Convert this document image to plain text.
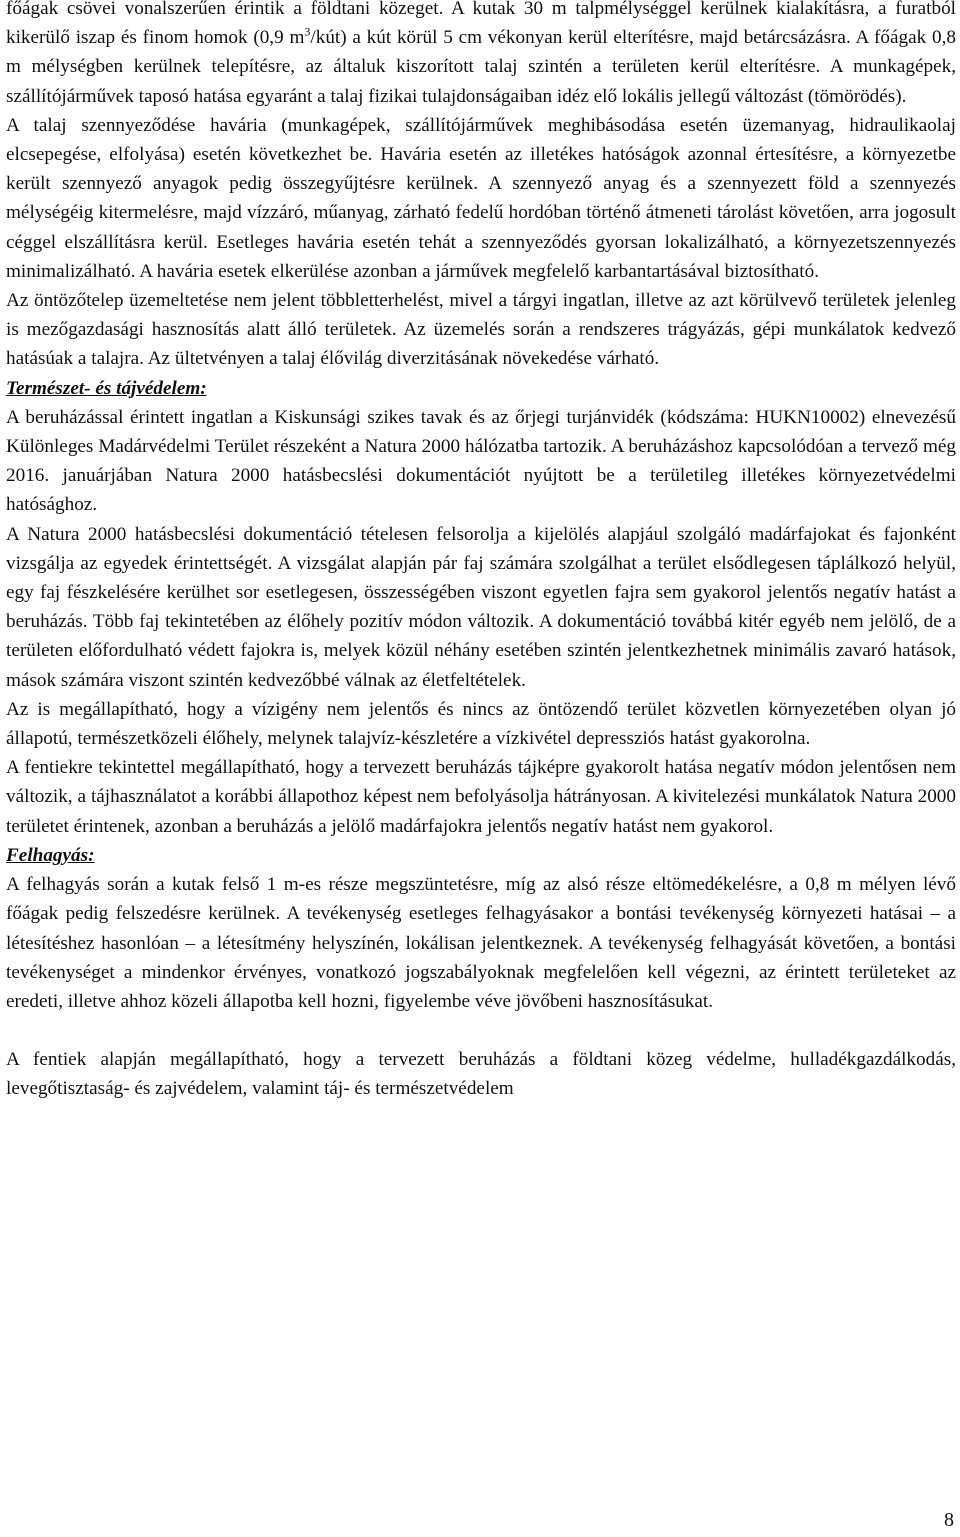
főágak csövei vonalszerűen érintik a földtani közeget. A kutak 30 m talpmélységgel kerülnek kialakításra, a furatból kikerülő iszap és finom homok (0,9 $m^3/kút$) a kút körül 5 cm vékonyan kerül elterítésre, majd betárcsázásra. A főágak 0,8 m mélységben kerülnek telepítésre, az általuk kiszorított talaj szintén a területen kerül elterítésre. A munkagépek, szállítójárművek taposó hatása egyaránt a talaj fizikai tulajdonságaiban idéz elő lokális jellegű változást (tömörödés).

A talaj szennyeződése havária (munkagépek, szállítójárművek meghibásodása esetén üzemanyag, hidraulikaolaj elcsepegése, elfolyása) esetén következhet be. Havária esetén az illetékes hatóságok azonnal értesítésre, a környezetbe került szennyező anyagok pedig összegyűjtésre kerülnek. A szennyező anyag és a szennyezett föld a szennyezés mélységéig kitermelésre, majd vízzáró, műanyag, zárható fedelű hordóban történő átmeneti tárolást követően, arra jogosult céggel elszállításra kerül. Esetleges havária esetén tehát a szennyeződés gyorsan lokalizálható, a környezetszennyezés minimalizálható. A havária esetek elkerülése azonban a járművek megfelelő karbantartásával biztosítható.

Az öntözőtelep üzemeltetése nem jelent többletterhelést, mivel a tárgyi ingatlan, illetve az azt körülvevő területek jelenleg is mezőgazdasági hasznosítás alatt álló területek. Az üzemelés során a rendszeres trágyázás, gépi munkálatok kedvező hatásúak a talajra. Az ültetvényen a talaj élővilág diverzitásának növekedése várható.

Természet- és tájvédelem:

A beruházással érintett ingatlan a Kiskunsági szikes tavak és az őrjegi turjánvidék (kódszáma: HUKN10002) elnevezésű Különleges Madárvédelmi Terület részeként a Natura 2000 hálózatba tartozik. A beruházáshoz kapcsolódóan a tervező még 2016. januárjában Natura 2000 hatásbecslési dokumentációt nyújtott be a területileg illetékes környezetvédelmi hatósághoz.

A Natura 2000 hatásbecslési dokumentáció tételesen felsorolja a kijelölés alapjául szolgáló madárfajokat és fajonként vizsgálja az egyedek érintettségét. A vizsgálat alapján pár faj számára szolgálhat a terület elsődlegesen táplálkozó helyül, egy faj fészkelésére kerülhet sor esetlegesen, összességében viszont egyetlen fajra sem gyakorol jelentős negatív hatást a beruházás. Több faj tekintetében az élőhely pozitív módon változik. A dokumentáció továbbá kitér egyéb nem jelölő, de a területen előfordulható védett fajokra is, melyek közül néhány esetében szintén jelentkezhetnek minimális zavaró hatások, mások számára viszont szintén kedvezőbbé válnak az életfeltételek.

Az is megállapítható, hogy a vízigény nem jelentős és nincs az öntözendő terület közvetlen környezetében olyan jó állapotú, természetközeli élőhely, melynek talajvíz-készletére a vízkivétel depressziós hatást gyakorolna.

A fentiekre tekintettel megállapítható, hogy a tervezett beruházás tájképre gyakorolt hatása negatív módon jelentősen nem változik, a tájhasználatot a korábbi állapothoz képest nem befolyásolja hátrányosan. A kivitelezési munkálatok Natura 2000 területet érintenek, azonban a beruházás a jelölő madárfajokra jelentős negatív hatást nem gyakorol.

Felhagyás:

A felhagyás során a kutak felső 1 m-es része megszüntetésre, míg az alsó része eltömedékelésre, a 0,8 m mélyen lévő főágak pedig felszedésre kerülnek. A tevékenység esetleges felhagyásakor a bontási tevékenység környezeti hatásai – a létesítéshez hasonlóan – a létesítmény helyszínén, lokálisan jelentkeznek. A tevékenység felhagyását követően, a bontási tevékenységet a mindenkor érvényes, vonatkozó jogszabályoknak megfelelően kell végezni, az érintett területeket az eredeti, illetve ahhoz közeli állapotba kell hozni, figyelembe véve jövőbeni hasznosításukat.

A fentiek alapján megállapítható, hogy a tervezett beruházás a földtani közeg védelme, hulladékgazdálkodás, levegőtisztaság- és zajvédelem, valamint táj- és természetvédelem

8
